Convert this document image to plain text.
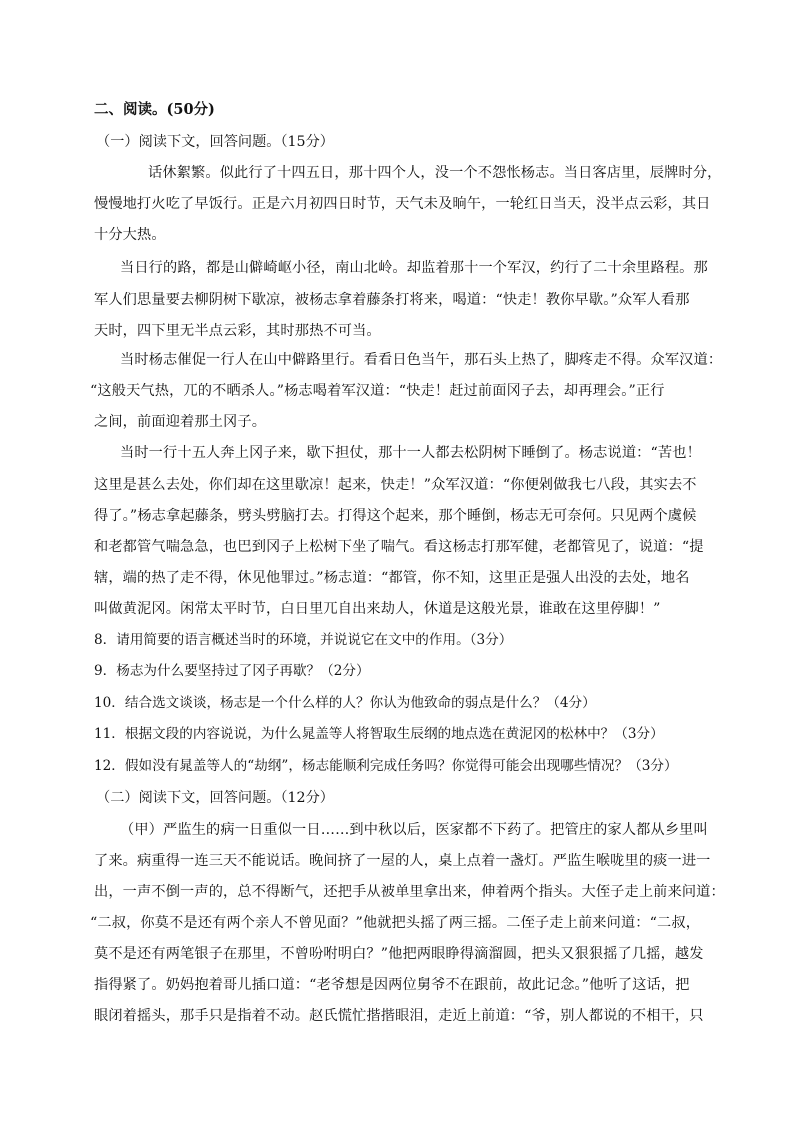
二、阅读。(50分)
（一）阅读下文，回答问题。（15分）
话休絮繁。似此行了十四五日，那十四个人，没一个不怨怅杨志。当日客店里，辰牌时分，
慢慢地打火吃了早饭行。正是六月初四日时节，天气未及晌午，一轮红日当天，没半点云彩，其日
十分大热。
当日行的路，都是山僻崎岖小径，南山北岭。却监着那十一个军汉，约行了二十余里路程。那
军人们思量要去柳阴树下歇凉，被杨志拿着藤条打将来，喝道：“快走！教你早歇。”众军人看那
天时，四下里无半点云彩，其时那热不可当。
当时杨志催促一行人在山中僻路里行。看看日色当午，那石头上热了，脚疼走不得。众军汉道：
“这般天气热，兀的不晒杀人。”杨志喝着军汉道：“快走！赶过前面冈子去，却再理会。”正行
之间，前面迎着那土冈子。
当时一行十五人奔上冈子来，歇下担仗，那十一人都去松阴树下睡倒了。杨志说道：“苦也！
这里是甚么去处，你们却在这里歇凉！起来，快走！”众军汉道：“你便剁做我七八段，其实去不
得了。”杨志拿起藤条，劈头劈脑打去。打得这个起来，那个睡倒，杨志无可奈何。只见两个虞候
和老都管气喘急急，也巴到冈子上松树下坐了喘气。看这杨志打那军健，老都管见了，说道：“提
辖，端的热了走不得，休见他罪过。”杨志道：“都管，你不知，这里正是强人出没的去处，地名
叫做黄泥冈。闲常太平时节，白日里兀自出来劫人，休道是这般光景，谁敢在这里停脚！”
8．请用简要的语言概述当时的环境，并说说它在文中的作用。（3分）
9．杨志为什么要坚持过了冈子再歇？（2分）
10．结合选文谈谈，杨志是一个什么样的人？你认为他致命的弱点是什么？（4分）
11．根据文段的内容说说，为什么晁盖等人将智取生辰纲的地点选在黄泥冈的松林中？（3分）
12．假如没有晁盖等人的“劫纲”，杨志能顺利完成任务吗？你觉得可能会出现哪些情况？（3分）
（二）阅读下文，回答问题。（12分）
（甲）严监生的病一日重似一日……到中秋以后，医家都不下药了。把管庄的家人都从乡里叫
了来。病重得一连三天不能说话。晚间挤了一屋的人，桌上点着一盏灯。严监生喉咙里的痰一进一
出，一声不倒一声的，总不得断气，还把手从被单里拿出来，伸着两个指头。大侄子走上前来问道：
“二叔，你莫不是还有两个亲人不曾见面？”他就把头摇了两三摇。二侄子走上前来问道：“二叔，
莫不是还有两笔银子在那里，不曾吩咐明白？”他把两眼睁得滴溜圆，把头又狠狠摇了几摇，越发
指得紧了。奶妈抱着哥儿插口道：“老爷想是因两位舅爷不在跟前，故此记念。”他听了这话，把
眼闭着摇头，那手只是指着不动。赵氏慌忙揩揩眼泪，走近上前道：“爷，别人都说的不相干，只
